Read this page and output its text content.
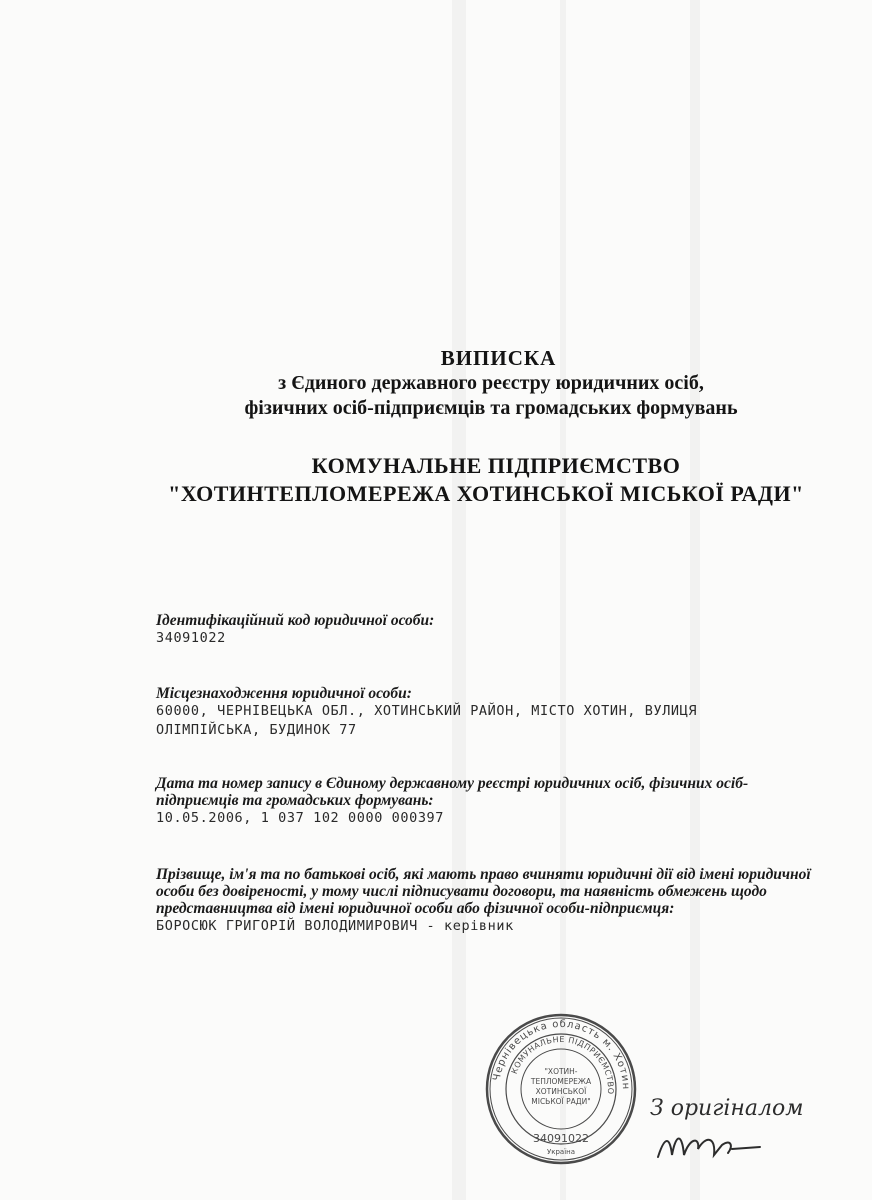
ВИПИСКА
з Єдиного державного реєстру юридичних осіб,
фізичних осіб-підприємців та громадських формувань
КОМУНАЛЬНЕ ПІДПРИЄМСТВО
"ХОТИНТЕПЛОМЕРЕЖА ХОТИНСЬКОЇ МІСЬКОЇ РАДИ"
Ідентифікаційний код юридичної особи:
34091022
Місцезнаходження юридичної особи:
60000, ЧЕРНІВЕЦЬКА ОБЛ., ХОТИНСЬКИЙ РАЙОН, МІСТО ХОТИН, ВУЛИЦЯ ОЛІМПІЙСЬКА, БУДИНОК 77
Дата та номер запису в Єдиному державному реєстрі юридичних осіб, фізичних осіб-підприємців та громадських формувань:
10.05.2006, 1 037 102 0000 000397
Прізвище, ім'я та по батькові осіб, які мають право вчиняти юридичні дії від імені юридичної особи без довіреності, у тому числі підписувати договори, та наявність обмежень щодо представництва від імені юридичної особи або фізичної особи-підприємця:
БОРОСЮК ГРИГОРІЙ ВОЛОДИМИРОВИЧ - керівник
Чернівецька область м. Хотин
КОМУНАЛЬНЕ ПІДПРИЄМСТВО
"ХОТИН-
ТЕПЛОМЕРЕЖА
ХОТИНСЬКОЇ
МІСЬКОЇ РАДИ"
34091022
Україна
З оригіналом
